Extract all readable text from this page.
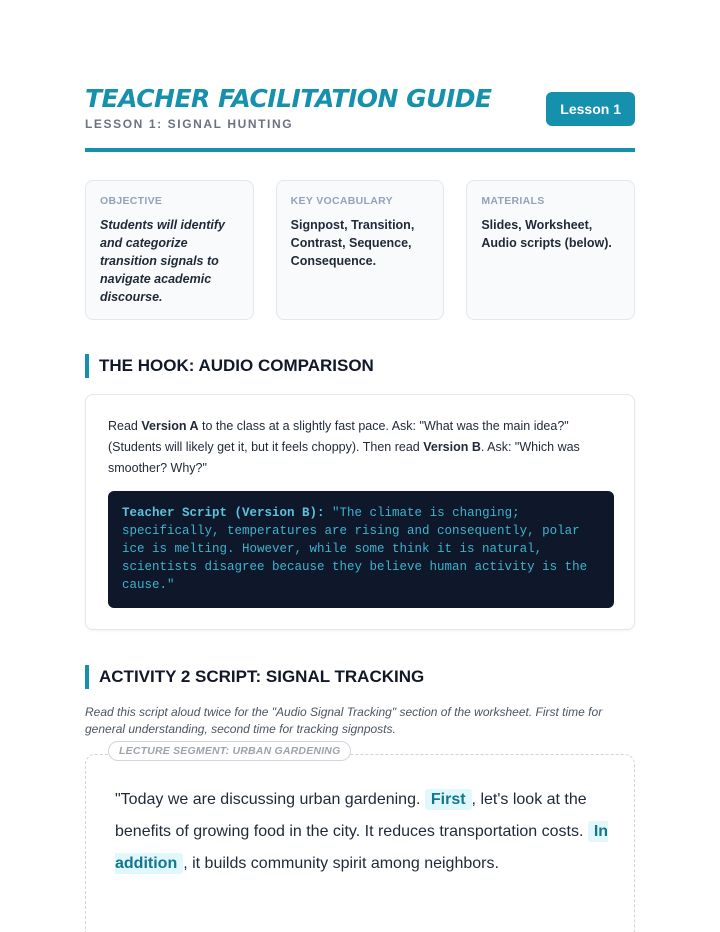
TEACHER FACILITATION GUIDE
LESSON 1: SIGNAL HUNTING
Lesson 1
OBJECTIVE
Students will identify and categorize transition signals to navigate academic discourse.
KEY VOCABULARY
Signpost, Transition, Contrast, Sequence, Consequence.
MATERIALS
Slides, Worksheet, Audio scripts (below).
THE HOOK: AUDIO COMPARISON
Read Version A to the class at a slightly fast pace. Ask: "What was the main idea?" (Students will likely get it, but it feels choppy). Then read Version B. Ask: "Which was smoother? Why?"
Teacher Script (Version B): "The climate is changing; specifically, temperatures are rising and consequently, polar ice is melting. However, while some think it is natural, scientists disagree because they believe human activity is the cause."
ACTIVITY 2 SCRIPT: SIGNAL TRACKING
Read this script aloud twice for the "Audio Signal Tracking" section of the worksheet. First time for general understanding, second time for tracking signposts.
LECTURE SEGMENT: URBAN GARDENING
"Today we are discussing urban gardening. First , let's look at the benefits of growing food in the city. It reduces transportation costs. In addition , it builds community spirit among neighbors.
